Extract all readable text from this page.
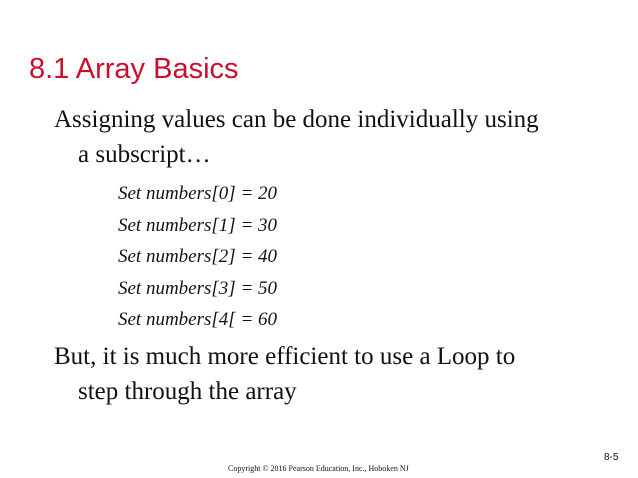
8.1 Array Basics
Assigning values can be done individually using
a subscript…
Set numbers[0] = 20
Set numbers[1] = 30
Set numbers[2] = 40
Set numbers[3] = 50
Set numbers[4[ = 60
But, it is much more efficient to use a Loop to
step through the array
8-5
Copyright © 2016 Pearson Education, Inc., Hoboken NJ
